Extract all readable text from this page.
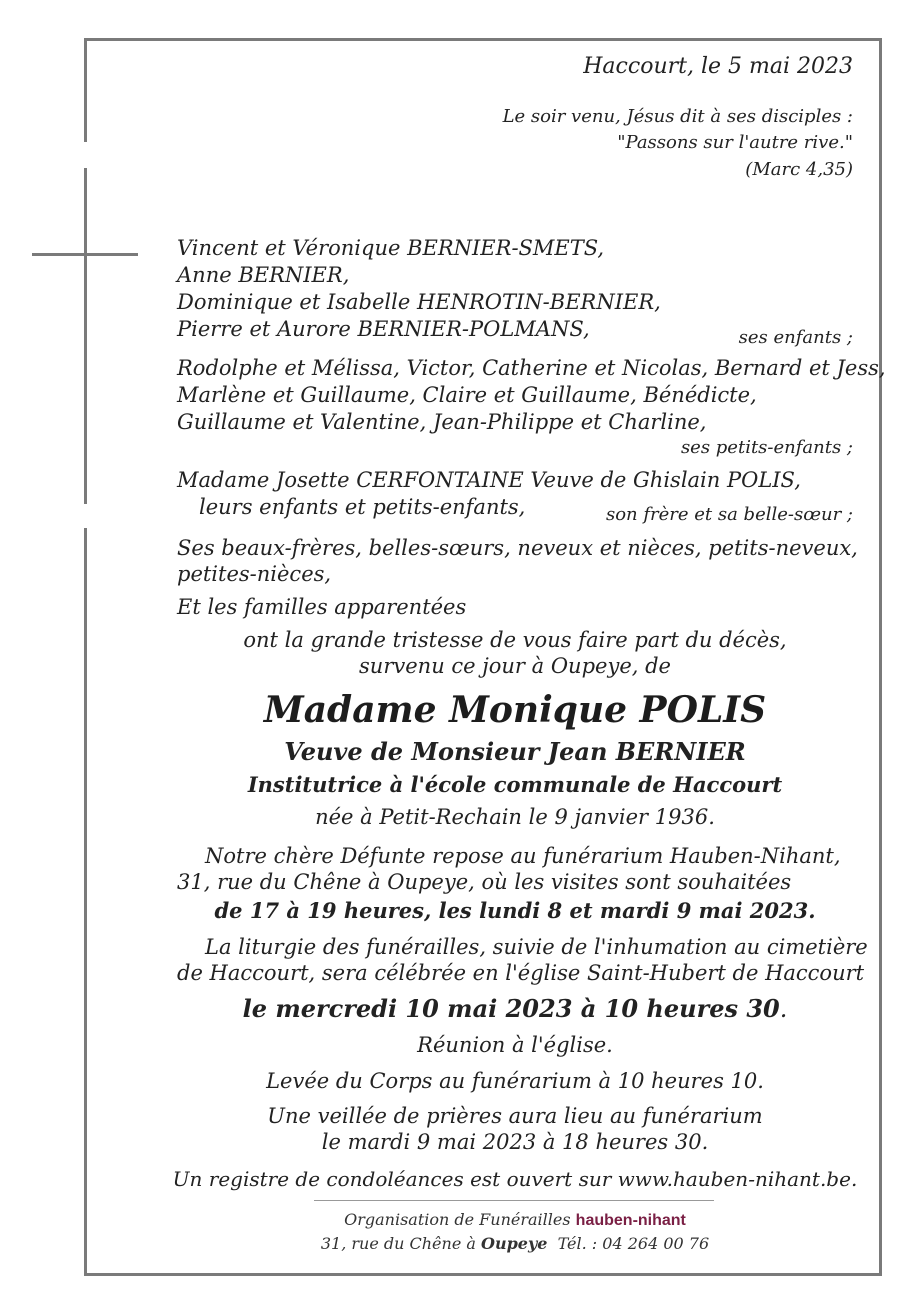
Haccourt, le 5 mai 2023
Le soir venu, Jésus dit à ses disciples :
"Passons sur l'autre rive."
(Marc 4,35)
Vincent et Véronique BERNIER-SMETS,
Anne BERNIER,
Dominique et Isabelle HENROTIN-BERNIER,
Pierre et Aurore BERNIER-POLMANS,	ses enfants ;
Rodolphe et Mélissa, Victor, Catherine et Nicolas, Bernard et Jess,
Marlène et Guillaume, Claire et Guillaume, Bénédicte,
Guillaume et Valentine, Jean-Philippe et Charline,
ses petits-enfants ;
Madame Josette CERFONTAINE Veuve de Ghislain POLIS,
leurs enfants et petits-enfants,	son frère et sa belle-sœur ;
Ses beaux-frères, belles-sœurs, neveux et nièces, petits-neveux,
petites-nièces,
Et les familles apparentées
ont la grande tristesse de vous faire part du décès,
survenu ce jour à Oupeye, de
Madame Monique POLIS
Veuve de Monsieur Jean BERNIER
Institutrice à l'école communale de Haccourt
née à Petit-Rechain le 9 janvier 1936.
Notre chère Défunte repose au funérarium Hauben-Nihant,
31, rue du Chêne à Oupeye, où les visites sont souhaitées
de 17 à 19 heures, les lundi 8 et mardi 9 mai 2023.
La liturgie des funérailles, suivie de l'inhumation au cimetière
de Haccourt, sera célébrée en l'église Saint-Hubert de Haccourt
le mercredi 10 mai 2023 à 10 heures 30.
Réunion à l'église.
Levée du Corps au funérarium à 10 heures 10.
Une veillée de prières aura lieu au funérarium
le mardi 9 mai 2023 à 18 heures 30.
Un registre de condoléances est ouvert sur www.hauben-nihant.be.
Organisation de Funérailles hauben-nihant
31, rue du Chêne à Oupeye Tél. : 04 264 00 76
